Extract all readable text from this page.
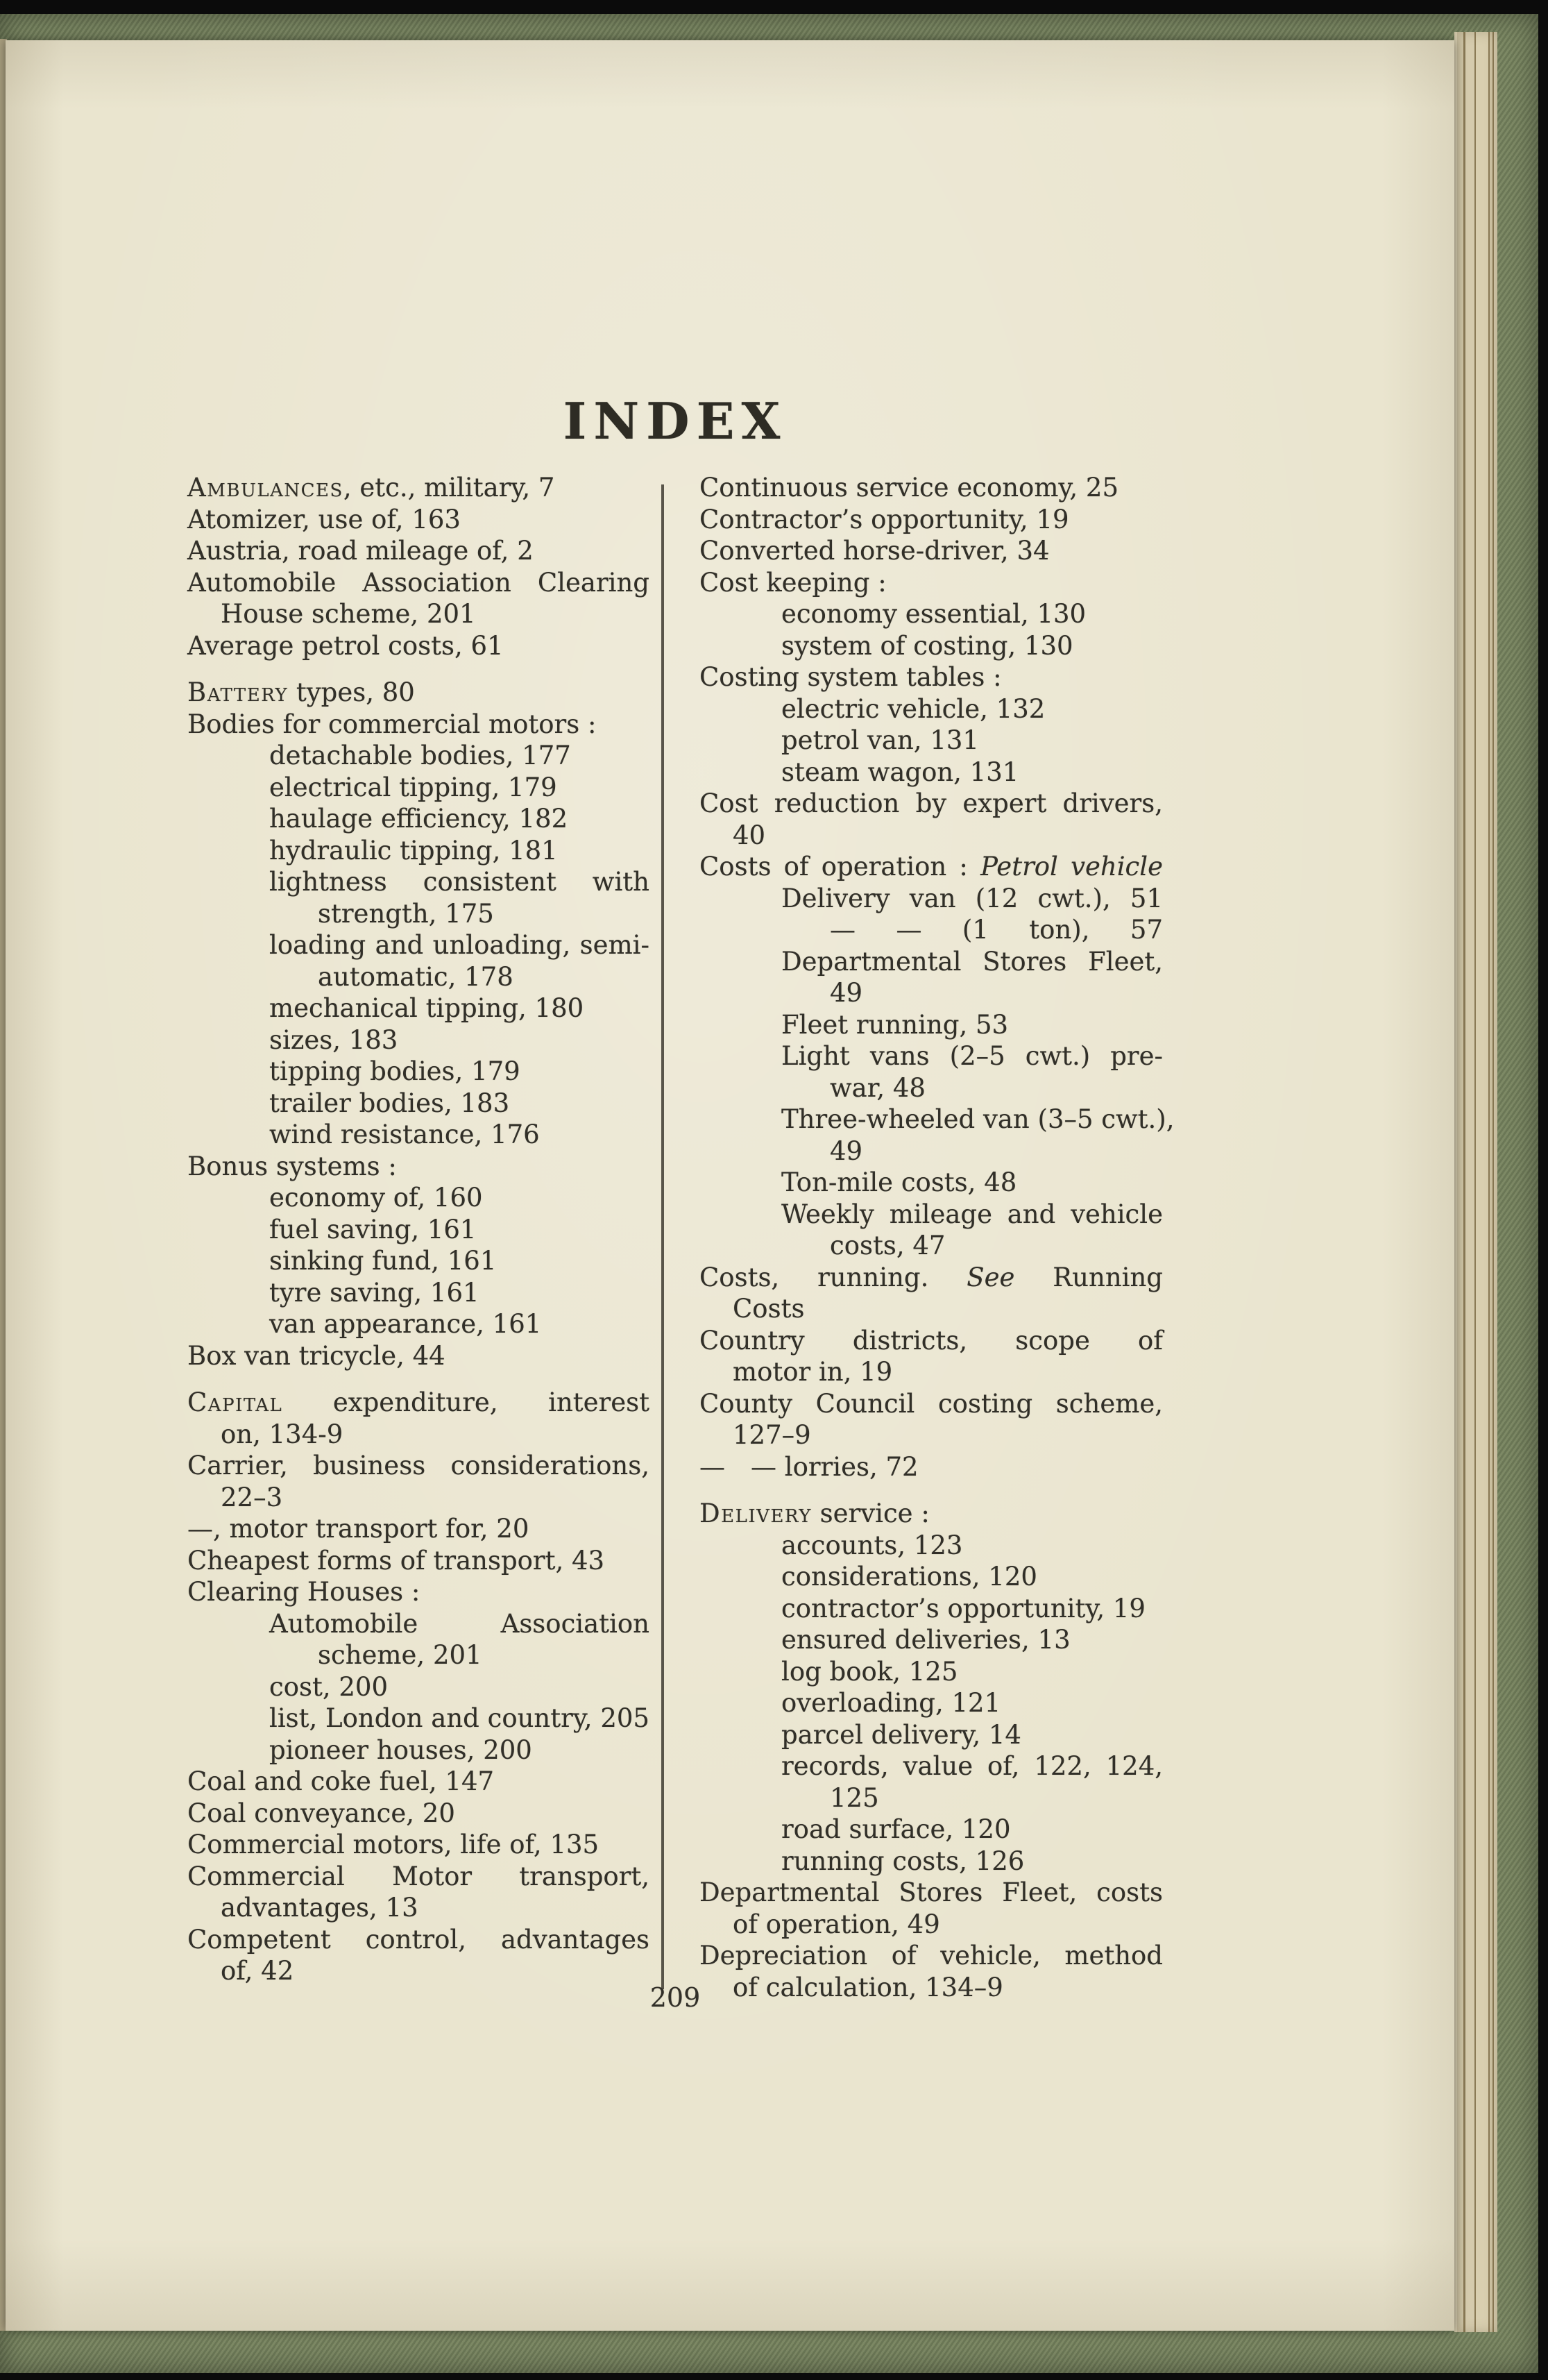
INDEX
Ambulances, etc., military, 7
Atomizer, use of, 163
Austria, road mileage of, 2
Automobile Association Clearing
House scheme, 201
Average petrol costs, 61
Battery types, 80
Bodies for commercial motors :
detachable bodies, 177
electrical tipping, 179
haulage efficiency, 182
hydraulic tipping, 181
lightness consistent with
strength, 175
loading and unloading, semi-
automatic, 178
mechanical tipping, 180
sizes, 183
tipping bodies, 179
trailer bodies, 183
wind resistance, 176
Bonus systems :
economy of, 160
fuel saving, 161
sinking fund, 161
tyre saving, 161
van appearance, 161
Box van tricycle, 44
Capital expenditure, interest
on, 134-9
Carrier, business considerations,
22–3
—, motor transport for, 20
Cheapest forms of transport, 43
Clearing Houses :
Automobile Association
scheme, 201
cost, 200
list, London and country, 205
pioneer houses, 200
Coal and coke fuel, 147
Coal conveyance, 20
Commercial motors, life of, 135
Commercial Motor transport,
advantages, 13
Competent control, advantages
of, 42
Continuous service economy, 25
Contractor’s opportunity, 19
Converted horse-driver, 34
Cost keeping :
economy essential, 130
system of costing, 130
Costing system tables :
electric vehicle, 132
petrol van, 131
steam wagon, 131
Cost reduction by expert drivers,
40
Costs of operation : Petrol vehicle
Delivery van (12 cwt.), 51
— — (1 ton), 57
Departmental Stores Fleet,
49
Fleet running, 53
Light vans (2–5 cwt.) pre-
war, 48
Three-wheeled van (3–5 cwt.),
49
Ton-mile costs, 48
Weekly mileage and vehicle
costs, 47
Costs, running. See Running
Costs
Country districts, scope of
motor in, 19
County Council costing scheme,
127–9
— — lorries, 72
Delivery service :
accounts, 123
considerations, 120
contractor’s opportunity, 19
ensured deliveries, 13
log book, 125
overloading, 121
parcel delivery, 14
records, value of, 122, 124,
125
road surface, 120
running costs, 126
Departmental Stores Fleet, costs
of operation, 49
Depreciation of vehicle, method
of calculation, 134–9
209
